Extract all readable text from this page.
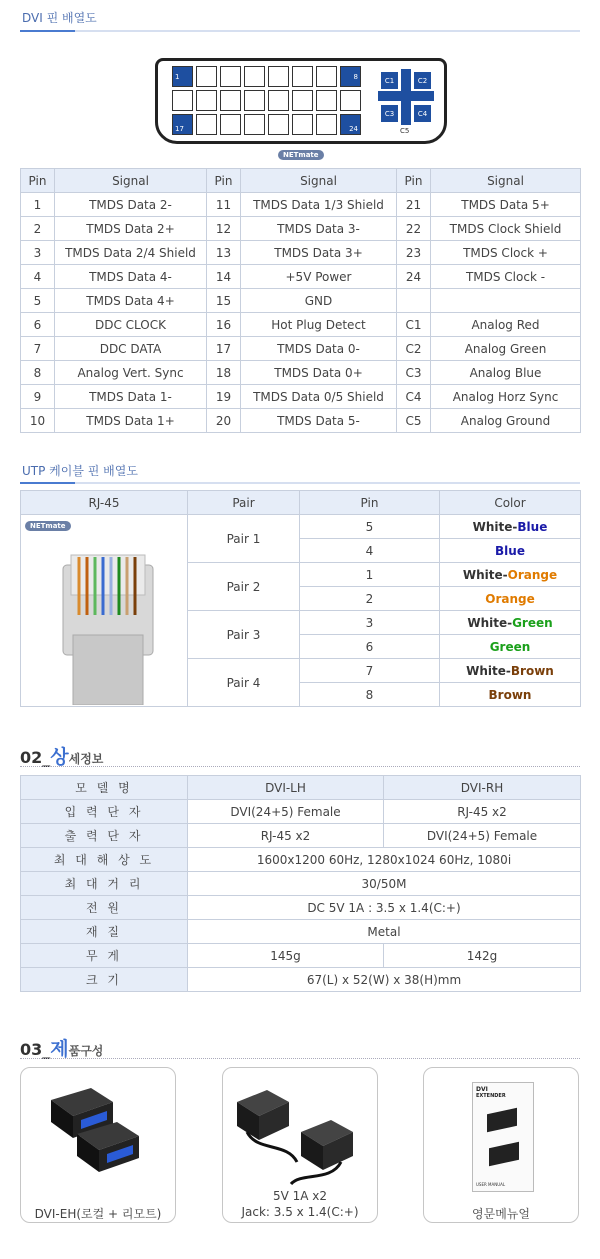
DVI 핀 배열도
1	8
17	24
C1	C2
C3	C4
C5
NETmate
Pin	Signal	Pin	Signal	Pin	Signal
1	TMDS Data 2-	11	TMDS Data 1/3 Shield	21	TMDS Data 5+
2	TMDS Data 2+	12	TMDS Data 3-	22	TMDS Clock Shield
3	TMDS Data 2/4 Shield	13	TMDS Data 3+	23	TMDS Clock +
4	TMDS Data 4-	14	+5V Power	24	TMDS Clock -
5	TMDS Data 4+	15	GND		
6	DDC CLOCK	16	Hot Plug Detect	C1	Analog Red
7	DDC DATA	17	TMDS Data 0-	C2	Analog Green
8	Analog Vert. Sync	18	TMDS Data 0+	C3	Analog Blue
9	TMDS Data 1-	19	TMDS Data 0/5 Shield	C4	Analog Horz Sync
10	TMDS Data 1+	20	TMDS Data 5-	C5	Analog Ground
UTP 케이블 핀 배열도
RJ-45	Pair	Pin	Color

NETmate	Pair 1	5	White-Blue
		4	Blue
	Pair 2	1	White-Orange
		2	Orange
	Pair 3	3	White-Green
		6	Green
	Pair 4	7	White-Brown
		8	Brown
02_상세정보
모 델 명	DVI-LH	DVI-RH
입 력 단 자	DVI(24+5) Female	RJ-45 x2
출 력 단 자	RJ-45 x2	DVI(24+5) Female
최 대 해 상 도	1600x1200 60Hz, 1280x1024 60Hz, 1080i	
최 대 거 리	30/50M	
전 원	DC 5V 1A : 3.5 x 1.4(C:+)	
재 질	Metal	
무 게	145g	142g
크 기	67(L) x 52(W) x 38(H)mm	
03_제품구성
DVI-EH(로컬 + 리모트)
5V 1A x2
Jack: 3.5 x 1.4(C:+)
DVI
EXTENDER
USER MANUAL
영문메뉴얼
